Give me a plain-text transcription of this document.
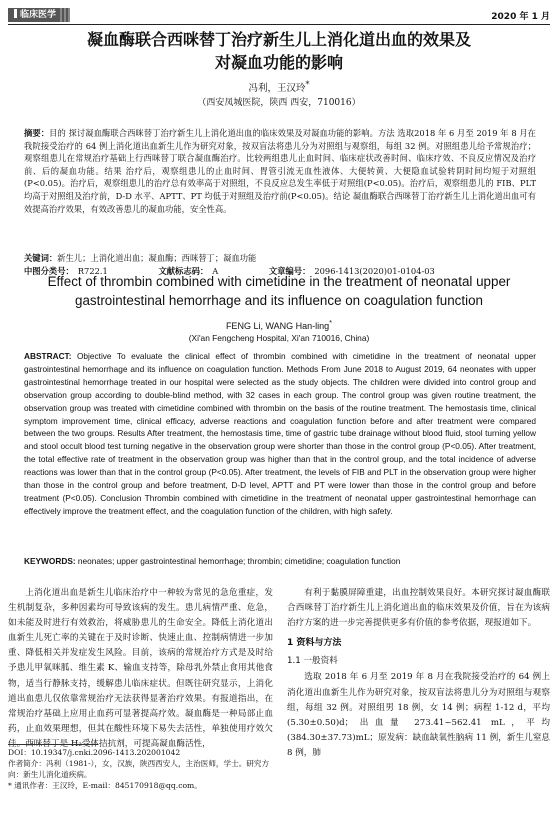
临床医学	2020 年 1 月
凝血酶联合西咪替丁治疗新生儿上消化道出血的效果及
对凝血功能的影响
冯利，王汉玲*
（西安凤城医院，陕西 西安，710016）
摘要：目的 探讨凝血酶联合西咪替丁治疗新生儿上消化道出血的临床效果及对凝血功能的影响。方法 选取2018 年 6 月至 2019 年 8 月在我院接受治疗的 64 例上消化道出血新生儿作为研究对象，按双盲法将患儿分为对照组与观察组，每组 32 例。对照组患儿给予常规治疗；观察组患儿在常规治疗基础上行西咪替丁联合凝血酶治疗。比较两组患儿止血时间、临床症状改善时间、临床疗效、不良反应情况及治疗前、后的凝血功能。结果 治疗后，观察组患儿的止血时间、胃管引流无血性液体、大便转黄、大便隐血试验转阴时间均短于对照组(P<0.05)。治疗后，观察组患儿的治疗总有效率高于对照组，不良反应总发生率低于对照组(P<0.05)。治疗后，观察组患儿的 FIB、PLT 均高于对照组及治疗前，D-D 水平、APTT、PT 均低于对照组及治疗前(P<0.05)。结论 凝血酶联合西咪替丁治疗新生儿上消化道出血可有效提高治疗效果，有效改善患儿的凝血功能，安全性高。
关键词：新生儿；上消化道出血；凝血酶；西咪替丁；凝血功能
中图分类号： R722.1	文献标志码： A	文章编号： 2096-1413(2020)01-0104-03
Effect of thrombin combined with cimetidine in the treatment of neonatal upper
gastrointestinal hemorrhage and its influence on coagulation function
FENG Li, WANG Han-ling*
(Xi'an Fengcheng Hospital, Xi'an 710016, China)
ABSTRACT: Objective To evaluate the clinical effect of thrombin combined with cimetidine in the treatment of neonatal upper gastrointestinal hemorrhage and its influence on coagulation function. Methods From June 2018 to August 2019, 64 neonates with upper gastrointestinal hemorrhage treated in our hospital were selected as the study objects. The children were divided into control group and observation group according to double-blind method, with 32 cases in each group. The control group was given routine treatment, the observation group was treated with cimetidine combined with thrombin on the basis of the routine treatment. The hemostasis time, clinical symptom improvement time, clinical efficacy, adverse reactions and coagulation function before and after treatment were compared between the two groups. Results After treatment, the hemostasis time, time of gastric tube drainage without blood fluid, stool turning yellow and stool occult blood test turning negative in the observation group were shorter than those in the control group (P<0.05). After treatment, the total effective rate of treatment in the observation group was higher than that in the control group, and the total incidence of adverse reactions was lower than that in the control group (P<0.05). After treatment, the levels of FIB and PLT in the observation group were higher than those in the control group and before treatment, D-D level, APTT and PT were lower than those in the control group and before treatment (P<0.05). Conclusion Thrombin combined with cimetidine in the treatment of neonatal upper gastrointestinal hemorrhage can effectively improve the treatment effect, and the coagulation function of the children, with high safety.
KEYWORDS: neonates; upper gastrointestinal hemorrhage; thrombin; cimetidine; coagulation function

上消化道出血是新生儿临床治疗中一种较为常见的急危重症，发生机制复杂，多种因素均可导致该病的发生。患儿病情严重、危急，如未能及时进行有效救治，将威胁患儿的生命安全。降低上消化道出血新生儿死亡率的关键在于及时诊断、快速止血、控制病情进一步加重、降低相关并发症发生风险。目前，该病的常规治疗方式是及时给予患儿甲氧咪胍、维生素 K、输血支持等，除母乳外禁止食用其他食物，适当行静脉支持，缓解患儿临床症状。但既往研究显示，上消化道出血患儿仅依靠常规治疗无法获得显著治疗效果。有报道指出，在常规治疗基础上应用止血药可显著提高疗效。凝血酶是一种局部止血药，止血效果理想，但其在酸性环境下易失去活性，单独使用疗效欠佳。西咪替丁是 H₂受体拮抗剂，可提高凝血酶活性，

有利于黏膜屏障重建，出血控制效果良好。本研究探讨凝血酶联合西咪替丁治疗新生儿上消化道出血的临床效果及价值，旨在为该病治疗方案的进一步完善提供更多有价值的参考依据，现报道如下。

1 资料与方法
1.1 一般资料

选取 2018 年 6 月至 2019 年 8 月在我院接受治疗的 64 例上消化道出血新生儿作为研究对象，按双盲法将患儿分为对照组与观察组，每组 32 例。对照组男 18 例，女 14 例；病程 1-12 d，平均(5.30±0.50)d；出血量 273.41~562.41 mL，平均(384.30±37.73)mL；原发病：缺血缺氧性脑病 11 例，新生儿窒息 8 例，肺

DOI：10.19347/j.cnki.2096-1413.202001042
作者简介：冯利（1981-），女，汉族，陕西西安人，主治医师，学士。研究方向：新生儿消化道疾病。
* 通讯作者：王汉玲，E-mail：845170918@qq.com。
